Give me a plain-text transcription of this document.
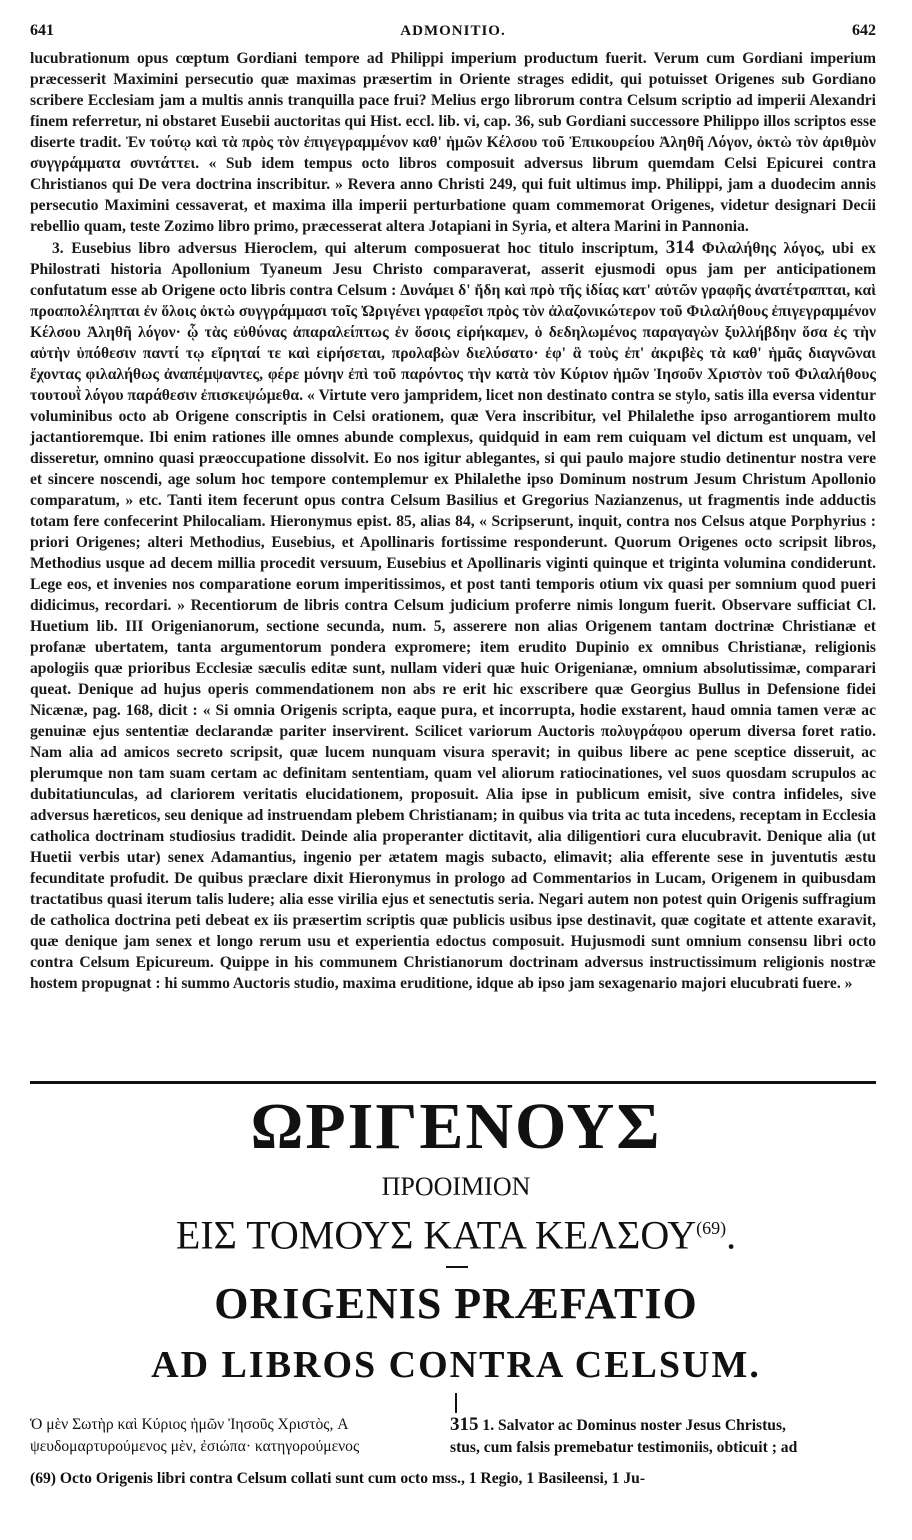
641	ADMONITIO.	642

lucubrationum opus cœptum Gordiani tempore ad Philippi imperium productum fuerit. Verum cum Gordiani imperium præcesserit Maximini persecutio quæ maximas præsertim in Oriente strages edidit, qui potuisset Origenes sub Gordiano scribere Ecclesiam jam a multis annis tranquilla pace frui? Melius ergo librorum contra Celsum scriptio ad imperii Alexandri finem referretur, ni obstaret Eusebii auctoritas qui Hist. eccl. lib. vi, cap. 36, sub Gordiani successore Philippo illos scriptos esse diserte tradit. Ἐν τούτῳ καὶ τὰ πρὸς τὸν ἐπιγεγραμμένον καθ' ἡμῶν Κέλσου τοῦ Ἐπικουρείου Ἀληθῆ Λόγον, ὀκτὼ τὸν ἀριθμὸν συγγράμματα συντάττει. « Sub idem tempus octo libros composuit adversus librum quemdam Celsi Epicurei contra Christianos qui De vera doctrina inscribitur. » Revera anno Christi 249, qui fuit ultimus imp. Philippi, jam a duodecim annis persecutio Maximini cessaverat, et maxima illa imperii perturbatione quam commemorat Origenes, videtur designari Decii rebellio quam, teste Zozimo libro primo, præcesserat altera Jotapiani in Syria, et altera Marini in Pannonia.

3. Eusebius libro adversus Hieroclem, qui alterum composuerat hoc titulo inscriptum, 314 Φιλαλήθης λόγος, ubi ex Philostrati historia Apollonium Tyaneum Jesu Christo comparaverat, asserit ejusmodi opus jam per anticipationem confutatum esse ab Origene octo libris contra Celsum : Δυνάμει δ' ἤδη καὶ πρὸ τῆς ἰδίας κατ' αὐτῶν γραφῆς ἀνατέτραπται, καὶ προαπολέληπται ἐν ὅλοις ὀκτὼ συγγράμμασι τοῖς Ὠριγένει γραφεῖσι πρὸς τὸν ἀλαζονικώτερον τοῦ Φιλαλήθους ἐπιγεγραμμένον Κέλσου Ἀληθῆ λόγον· ᾧ τὰς εὐθύνας ἀπαραλείπτως ἐν ὅσοις εἰρήκαμεν, ὁ δεδηλωμένος παραγαγὼν ξυλλήβδην ὅσα ἐς τὴν αὐτὴν ὑπόθεσιν παντί τῳ εἴρηταί τε καὶ εἰρήσεται, προλαβὼν διελύσατο· ἐφ' ἃ τοὺς ἐπ' ἀκριβὲς τὰ καθ' ἡμᾶς διαγνῶναι ἔχοντας φιλαλήθως ἀναπέμψαντες, φέρε μόνην ἐπὶ τοῦ παρόντος τὴν κατὰ τὸν Κύριον ἡμῶν Ἰησοῦν Χριστὸν τοῦ Φιλαλήθους τουτουῒ λόγου παράθεσιν ἐπισκεψώμεθα. « Virtute vero jampridem, licet non destinato contra se stylo, satis illa eversa videntur voluminibus octo ab Origene conscriptis in Celsi orationem, quæ Vera inscribitur, vel Philalethe ipso arrogantiorem multo jactantioremque. Ibi enim rationes ille omnes abunde complexus, quidquid in eam rem cuiquam vel dictum est unquam, vel disseretur, omnino quasi præoccupatione dissolvit. Eo nos igitur ablegantes, si qui paulo majore studio detinentur nostra vere et sincere noscendi, age solum hoc tempore contemplemur ex Philalethe ipso Dominum nostrum Jesum Christum Apollonio comparatum, » etc. Tanti item fecerunt opus contra Celsum Basilius et Gregorius Nazianzenus, ut fragmentis inde adductis totam fere confecerint Philocaliam. Hieronymus epist. 85, alias 84, « Scripserunt, inquit, contra nos Celsus atque Porphyrius : priori Origenes; alteri Methodius, Eusebius, et Apollinaris fortissime responderunt. Quorum Origenes octo scripsit libros, Methodius usque ad decem millia procedit versuum, Eusebius et Apollinaris viginti quinque et triginta volumina condiderunt. Lege eos, et invenies nos comparatione eorum imperitissimos, et post tanti temporis otium vix quasi per somnium quod pueri didicimus, recordari. » Recentiorum de libris contra Celsum judicium proferre nimis longum fuerit. Observare sufficiat Cl. Huetium lib. III Origenianorum, sectione secunda, num. 5, asserere non alias Origenem tantam doctrinæ Christianæ et profanæ ubertatem, tanta argumentorum pondera expromere; item erudito Dupinio ex omnibus Christianæ, religionis apologiis quæ prioribus Ecclesiæ sæculis editæ sunt, nullam videri quæ huic Origenianæ, omnium absolutissimæ, comparari queat. Denique ad hujus operis commendationem non abs re erit hic exscribere quæ Georgius Bullus in Defensione fidei Nicænæ, pag. 168, dicit : « Si omnia Origenis scripta, eaque pura, et incorrupta, hodie exstarent, haud omnia tamen veræ ac genuinæ ejus sententiæ declarandæ pariter inservirent. Scilicet variorum Auctoris πολυγράφου operum diversa foret ratio. Nam alia ad amicos secreto scripsit, quæ lucem nunquam visura speravit; in quibus libere ac pene sceptice disseruit, ac plerumque non tam suam certam ac definitam sententiam, quam vel aliorum ratiocinationes, vel suos quosdam scrupulos ac dubitatiunculas, ad clariorem veritatis elucidationem, proposuit. Alia ipse in publicum emisit, sive contra infideles, sive adversus hæreticos, seu denique ad instruendam plebem Christianam; in quibus via trita ac tuta incedens, receptam in Ecclesia catholica doctrinam studiosius tradidit. Deinde alia properanter dictitavit, alia diligentiori cura elucubravit. Denique alia (ut Huetii verbis utar) senex Adamantius, ingenio per ætatem magis subacto, elimavit; alia efferente sese in juventutis æstu fecunditate profudit. De quibus præclare dixit Hieronymus in prologo ad Commentarios in Lucam, Origenem in quibusdam tractatibus quasi iterum talis ludere; alia esse virilia ejus et senectutis seria. Negari autem non potest quin Origenis suffragium de catholica doctrina peti debeat ex iis præsertim scriptis quæ publicis usibus ipse destinavit, quæ cogitate et attente exaravit, quæ denique jam senex et longo rerum usu et experientia edoctus composuit. Hujusmodi sunt omnium consensu libri octo contra Celsum Epicureum. Quippe in his communem Christianorum doctrinam adversus instructissimum religionis nostræ hostem propugnat : hi summo Auctoris studio, maxima eruditione, idque ab ipso jam sexagenario majori elucubrati fuere. »

ΩΡΙΓΕΝΟΥΣ
ΠΡΟΟΙΜΙΟΝ
ΕΙΣ ΤΟΜΟΥΣ ΚΑΤΑ ΚΕΛΣΟΥ$^{(69)}$.
ORIGENIS PRÆFATIO
AD LIBROS CONTRA CELSUM.
Ὁ μὲν Σωτὴρ καὶ Κύριος ἡμῶν Ἰησοῦς Χριστὸς, A
ψευδομαρτυρούμενος μὲν, ἐσιώπα· κατηγορούμενος
315 1. Salvator ac Dominus noster Jesus Christus,
stus, cum falsis premebatur testimoniis, obticuit ; ad
(69) Octo Origenis libri contra Celsum collati sunt cum octo mss., 1 Regio, 1 Basileensi, 1 Ju-
